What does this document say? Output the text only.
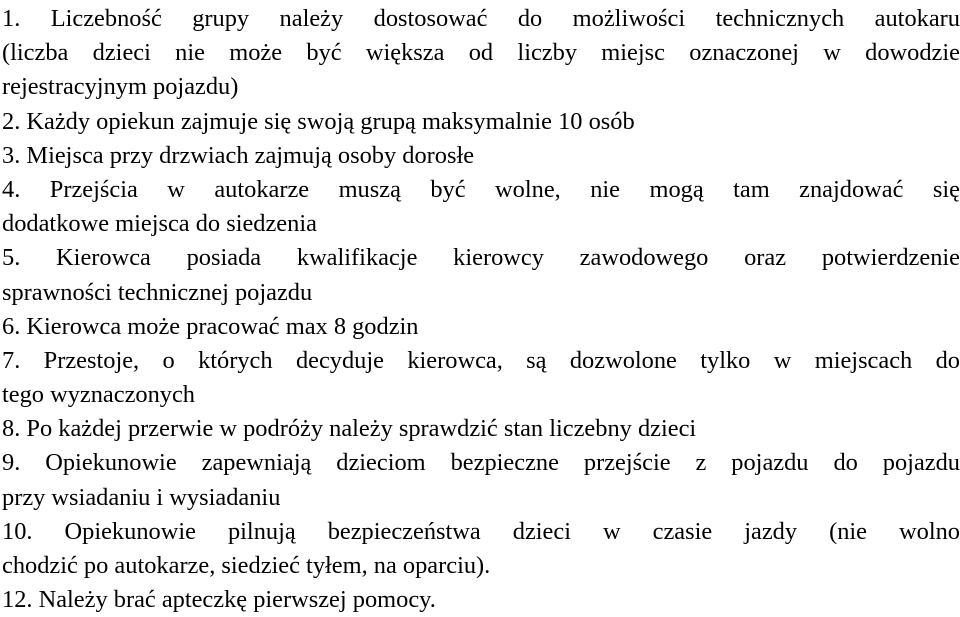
1. Liczebność grupy należy dostosować do możliwości technicznych autokaru
(liczba dzieci nie może być większa od liczby miejsc oznaczonej w dowodzie
rejestracyjnym pojazdu)
2. Każdy opiekun zajmuje się swoją grupą maksymalnie 10 osób
3. Miejsca przy drzwiach zajmują osoby dorosłe
4. Przejścia w autokarze muszą być wolne, nie mogą tam znajdować się
dodatkowe miejsca do siedzenia
5. Kierowca posiada kwalifikacje kierowcy zawodowego oraz potwierdzenie
sprawności technicznej pojazdu
6. Kierowca może pracować max 8 godzin
7. Przestoje, o których decyduje kierowca, są dozwolone tylko w miejscach do
tego wyznaczonych
8. Po każdej przerwie w podróży należy sprawdzić stan liczebny dzieci
9. Opiekunowie zapewniają dzieciom bezpieczne przejście z pojazdu do pojazdu
przy wsiadaniu i wysiadaniu
10. Opiekunowie pilnują bezpieczeństwa dzieci w czasie jazdy (nie wolno
chodzić po autokarze, siedzieć tyłem, na oparciu).
12. Należy brać apteczkę pierwszej pomocy.
